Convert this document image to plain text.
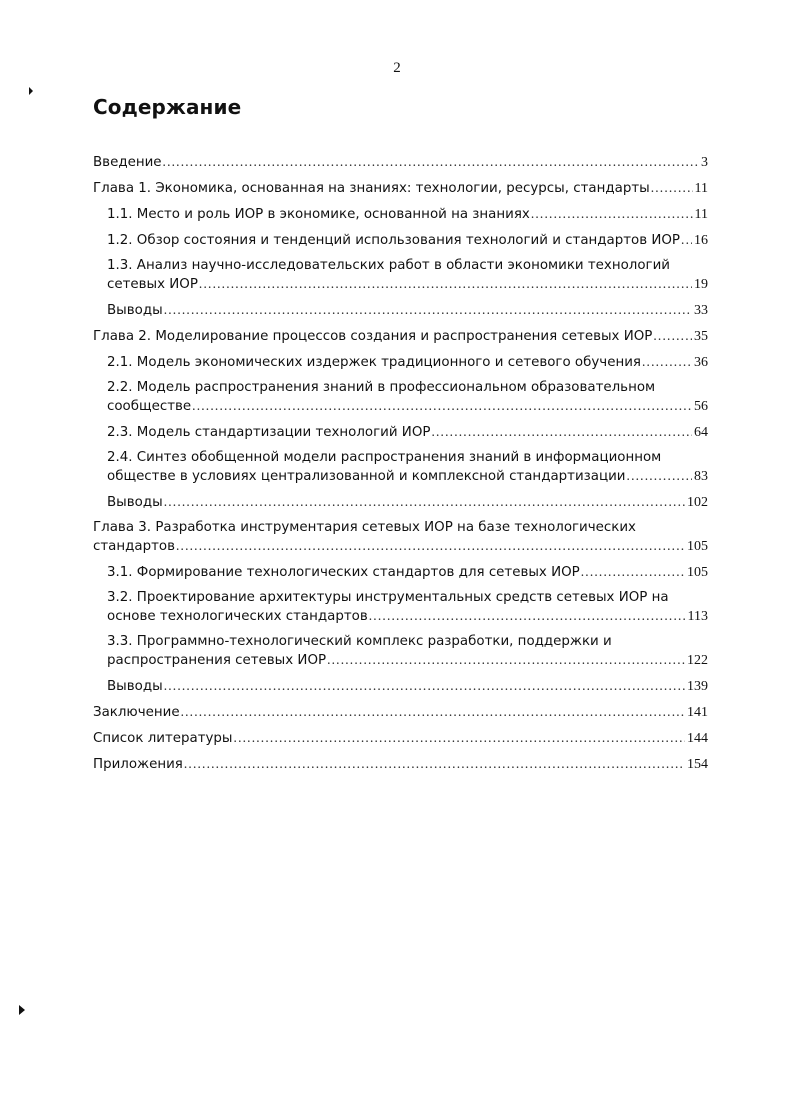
2
Содержание
Введение .....	3
Глава 1. Экономика, основанная на знаниях: технологии, ресурсы, стандарты .....	11
1.1. Место и роль ИОР в экономике, основанной на знаниях .....	11
1.2. Обзор состояния и тенденций использования технологий и стандартов ИОР ..... 16
1.3. Анализ научно-исследовательских работ в области экономики технологий
сетевых ИОР .....	19
Выводы .....	33
Глава 2. Моделирование процессов создания и распространения сетевых ИОР .....	35
2.1. Модель экономических издержек традиционного и сетевого обучения .....	36
2.2. Модель распространения знаний в профессиональном образовательном
сообществе .....	56
2.3. Модель стандартизации технологий ИОР .....	64
2.4. Синтез обобщенной модели распространения знаний в информационном
обществе в условиях централизованной и комплексной стандартизации .....	83
Выводы .....	102
Глава 3. Разработка инструментария сетевых ИОР на базе технологических
стандартов .....	105
3.1. Формирование технологических стандартов для сетевых ИОР .....	105
3.2. Проектирование архитектуры инструментальных средств сетевых ИОР на
основе технологических стандартов .....	113
3.3. Программно-технологический комплекс разработки, поддержки и
распространения сетевых ИОР .....	122
Выводы .....	139
Заключение .....	141
Список литературы .....	144
Приложения .....	154
